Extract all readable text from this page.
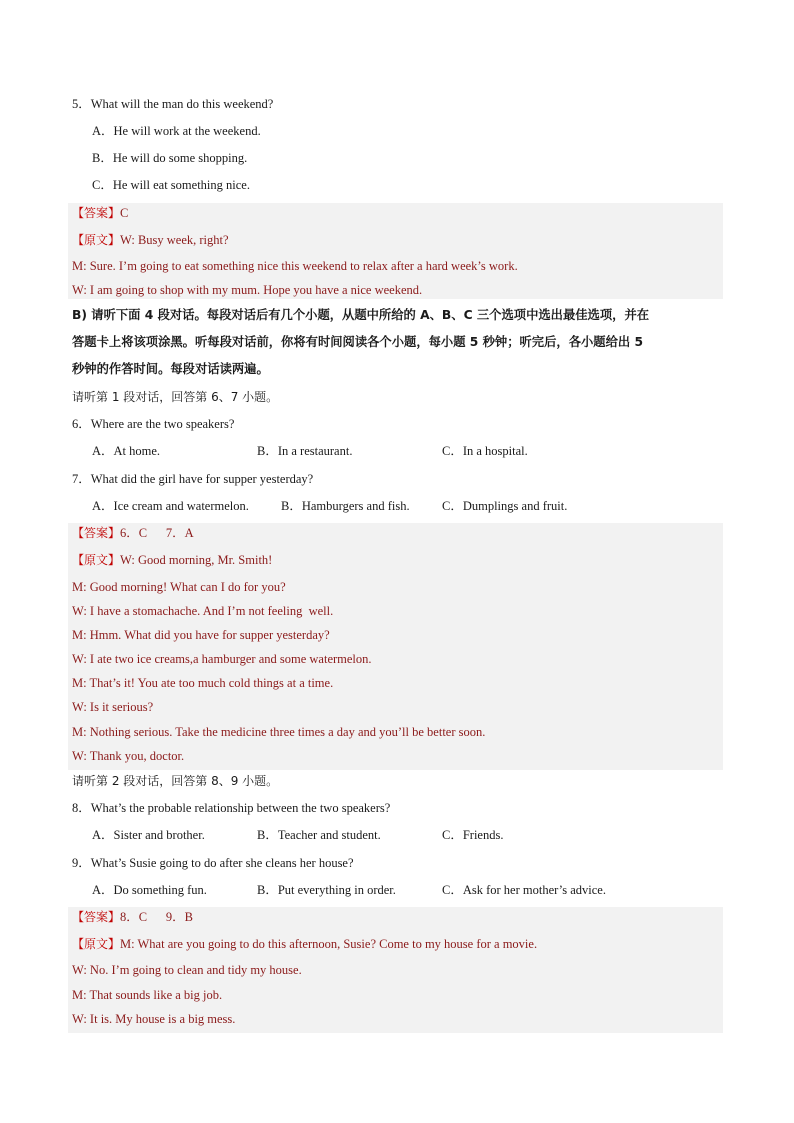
5．What will the man do this weekend?
A．He will work at the weekend.
B．He will do some shopping.
C．He will eat something nice.
【答案】C
【原文】W: Busy week, right?
M: Sure. I’m going to eat something nice this weekend to relax after a hard week’s work.
W: I am going to shop with my mum. Hope you have a nice weekend.
B) 请听下面 4 段对话。每段对话后有几个小题，从题中所给的 A、B、C 三个选项中选出最佳选项，并在
答题卡上将该项涂黑。听每段对话前，你将有时间阅读各个小题，每小题 5 秒钟；听完后，各小题给出 5
秒钟的作答时间。每段对话读两遍。
请听第 1 段对话，回答第 6、7 小题。
6．Where are the two speakers?
A．At home.	B．In a restaurant.	C．In a hospital.
7．What did the girl have for supper yesterday?
A．Ice cream and watermelon.	B．Hamburgers and fish.	C．Dumplings and fruit.
【答案】6．C      7．A
【原文】W: Good morning, Mr. Smith!
M: Good morning! What can I do for you?
W: I have a stomachache. And I’m not feeling  well.
M: Hmm. What did you have for supper yesterday?
W: I ate two ice creams,a hamburger and some watermelon.
M: That’s it! You ate too much cold things at a time.
W: Is it serious?
M: Nothing serious. Take the medicine three times a day and you’ll be better soon.
W: Thank you, doctor.
请听第 2 段对话，回答第 8、9 小题。
8．What’s the probable relationship between the two speakers?
A．Sister and brother.	B．Teacher and student.	C．Friends.
9．What’s Susie going to do after she cleans her house?
A．Do something fun.	B．Put everything in order.	C．Ask for her mother’s advice.
【答案】8．C      9．B
【原文】M: What are you going to do this afternoon, Susie? Come to my house for a movie.
W: No. I’m going to clean and tidy my house.
M: That sounds like a big job.
W: It is. My house is a big mess.
